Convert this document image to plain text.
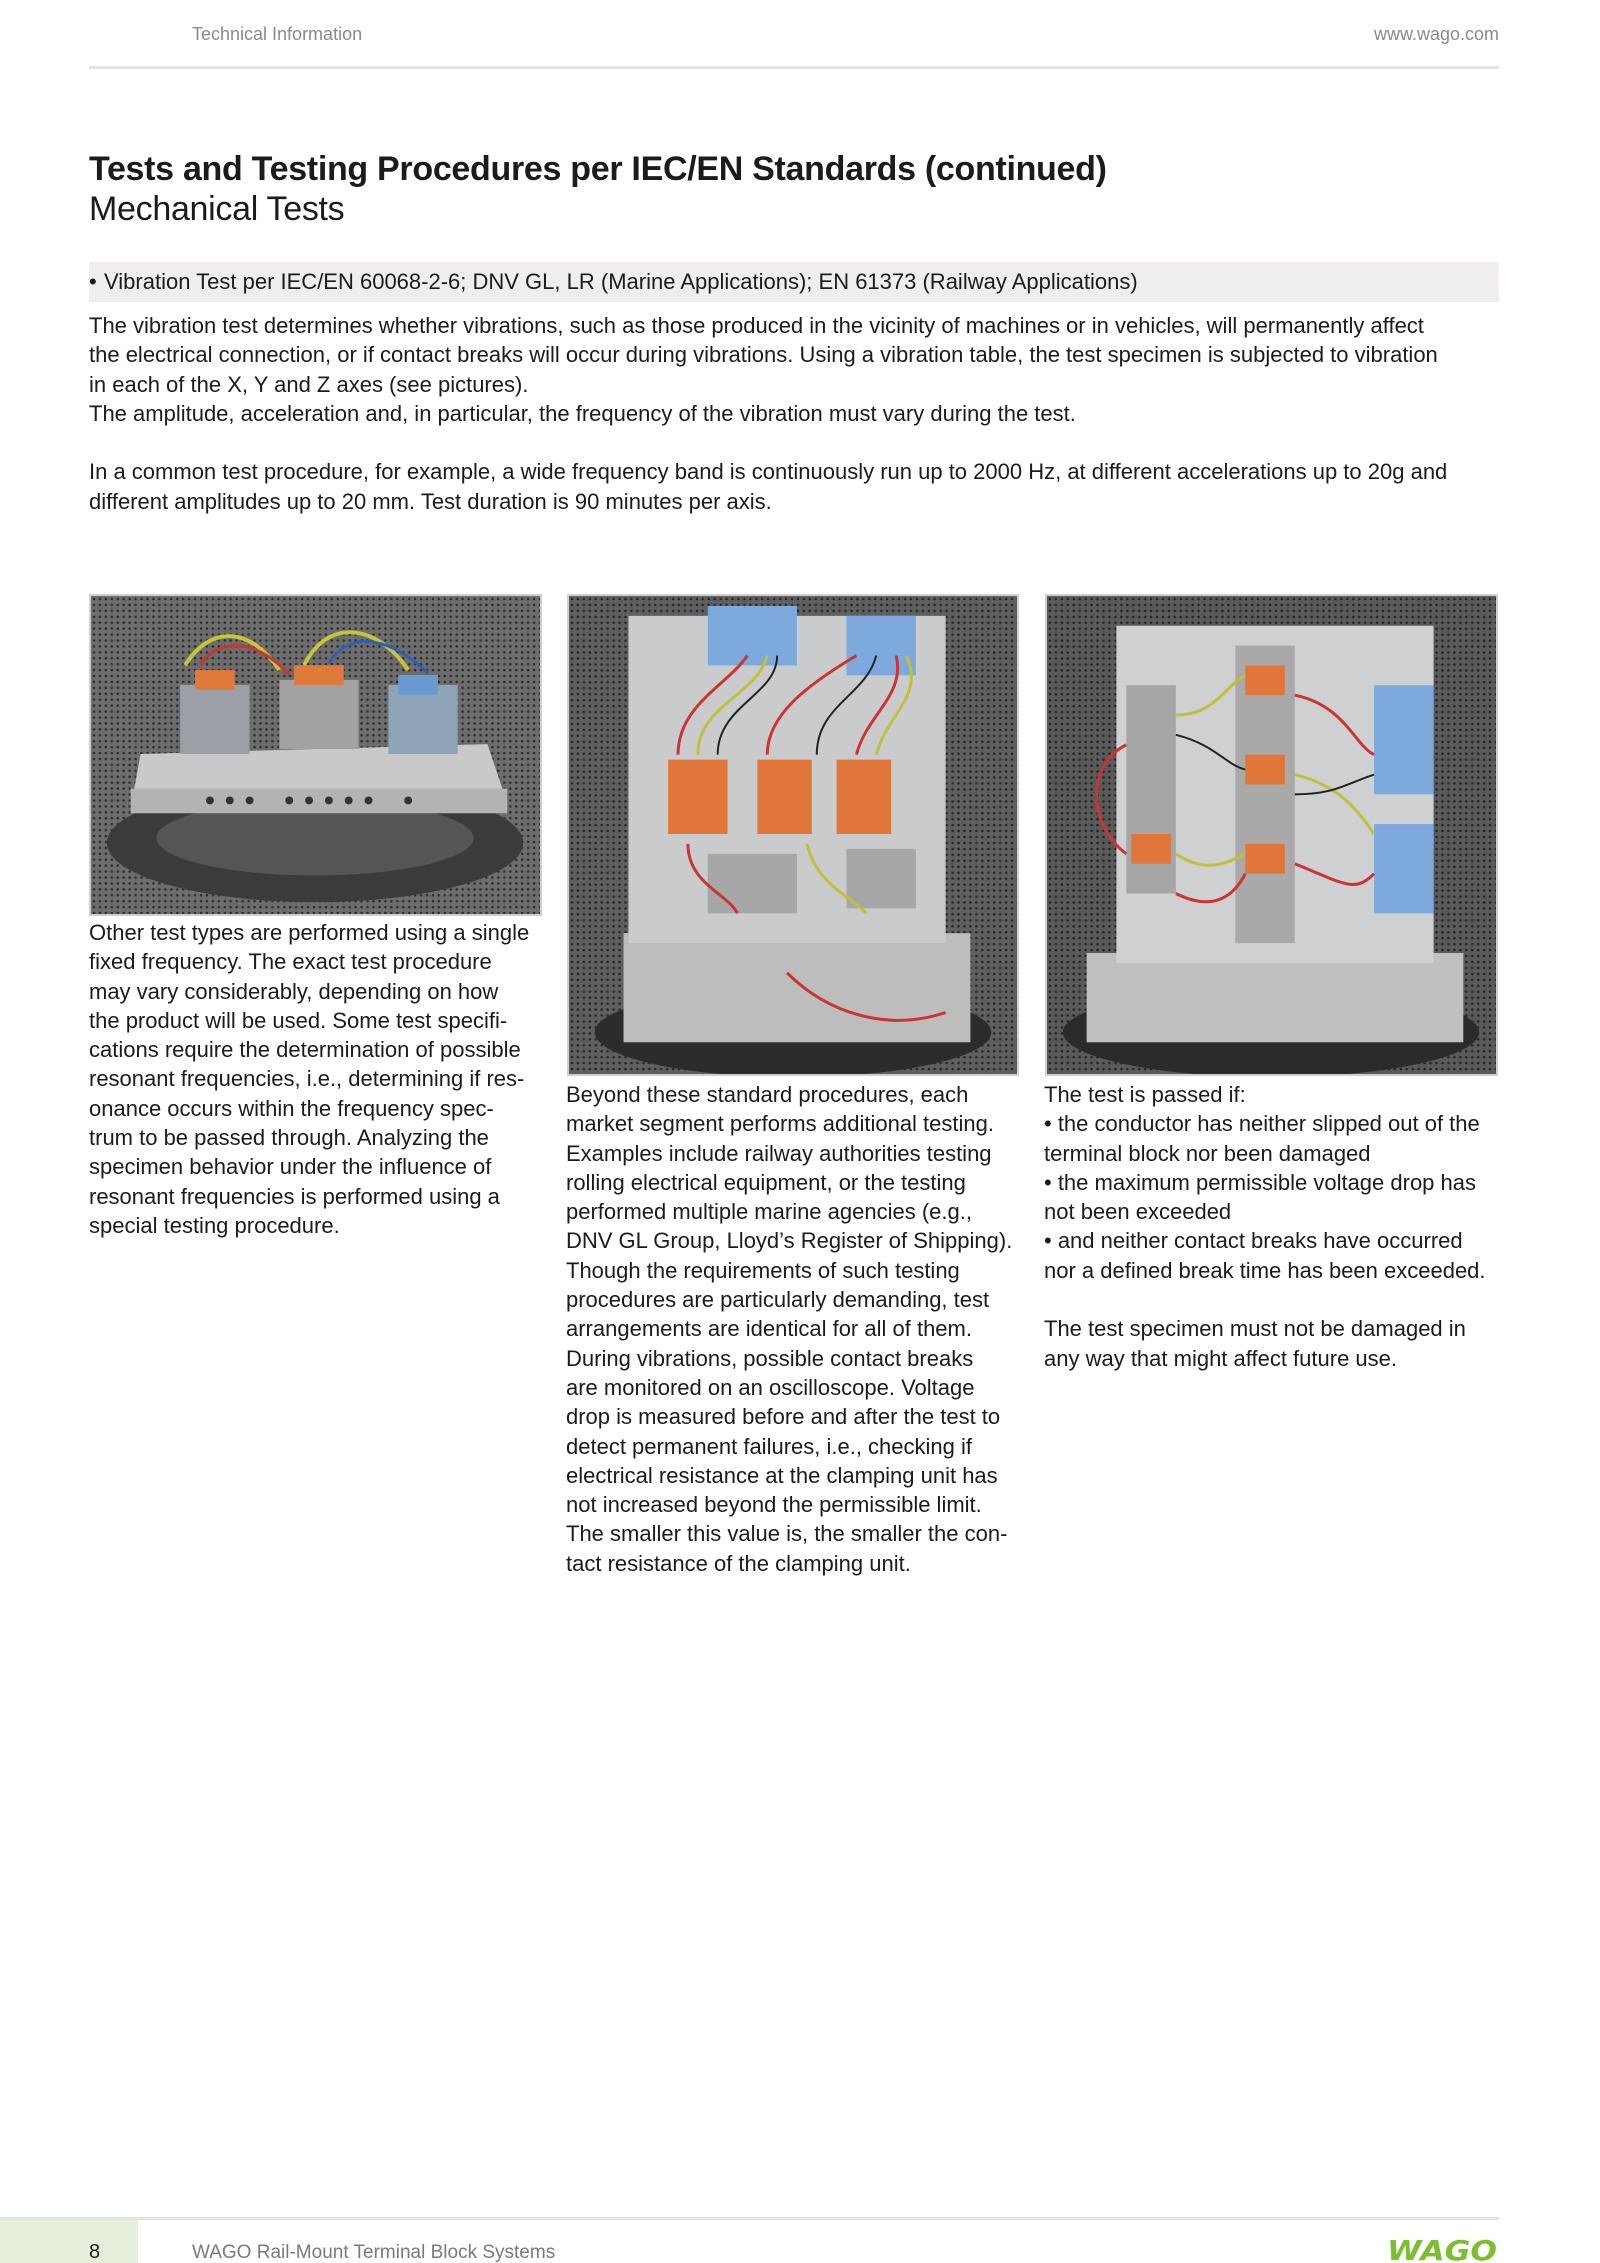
Technical Information	www.wago.com
Tests and Testing Procedures per IEC/EN Standards (continued)
Mechanical Tests
• Vibration Test per IEC/EN 60068-2-6; DNV GL, LR (Marine Applications); EN 61373 (Railway Applications)

The vibration test determines whether vibrations, such as those produced in the vicinity of machines or in vehicles, will permanently affect
the electrical connection, or if contact breaks will occur during vibrations. Using a vibration table, the test specimen is subjected to vibration
in each of the X, Y and Z axes (see pictures).
The amplitude, acceleration and, in particular, the frequency of the vibration must vary during the test.

In a common test procedure, for example, a wide frequency band is continuously run up to 2000 Hz, at different accelerations up to 20g and
different amplitudes up to 20 mm. Test duration is 90 minutes per axis.

Other test types are performed using a single
fixed frequency. The exact test procedure
may vary considerably, depending on how
the product will be used. Some test specifi-
cations require the determination of possible
resonant frequencies, i.e., determining if res-
onance occurs within the frequency spec-
trum to be passed through. Analyzing the
specimen behavior under the influence of
resonant frequencies is performed using a
special testing procedure.
Beyond these standard procedures, each
market segment performs additional testing.
Examples include railway authorities testing
rolling electrical equipment, or the testing
performed multiple marine agencies (e.g.,
DNV GL Group, Lloyd’s Register of Shipping).
Though the requirements of such testing
procedures are particularly demanding, test
arrangements are identical for all of them.
During vibrations, possible contact breaks
are monitored on an oscilloscope. Voltage
drop is measured before and after the test to
detect permanent failures, i.e., checking if
electrical resistance at the clamping unit has
not increased beyond the permissible limit.
The smaller this value is, the smaller the con-
tact resistance of the clamping unit.
The test is passed if:
• the conductor has neither slipped out of the
terminal block nor been damaged
• the maximum permissible voltage drop has
not been exceeded
• and neither contact breaks have occurred
nor a defined break time has been exceeded.

The test specimen must not be damaged in
any way that might affect future use.
8	WAGO Rail-Mount Terminal Block Systems	WAGO
